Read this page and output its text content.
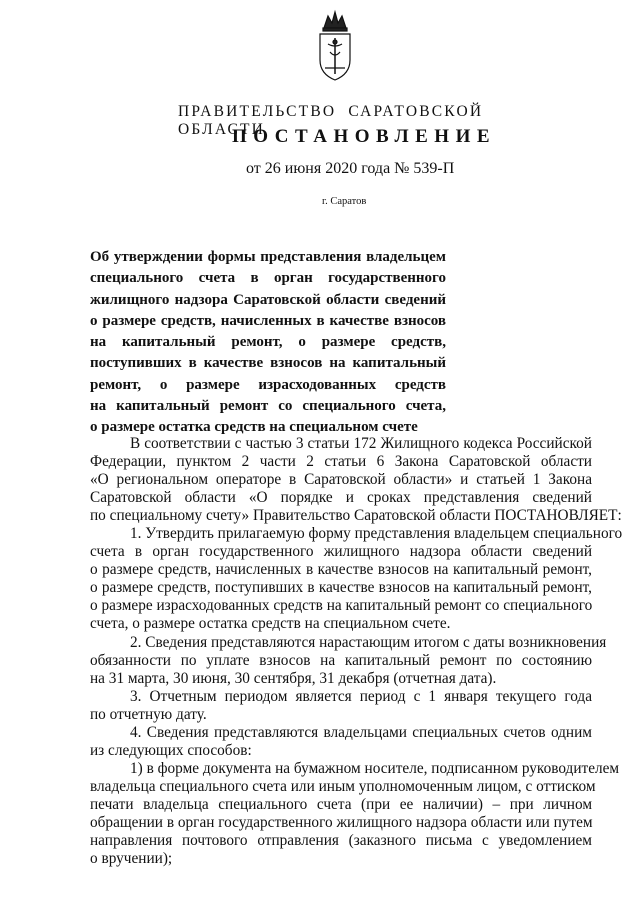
ПРАВИТЕЛЬСТВО САРАТОВСКОЙ ОБЛАСТИ
ПОСТАНОВЛЕНИЕ
от 26 июня 2020 года № 539-П
г. Саратов
Об утверждении формы представления владельцем
специального счета в орган государственного
жилищного надзора Саратовской области сведений
о размере средств, начисленных в качестве взносов
на капитальный ремонт, о размере средств,
поступивших в качестве взносов на капитальный
ремонт, о размере израсходованных средств
на капитальный ремонт со специального счета,
о размере остатка средств на специальном счете
В соответствии с частью 3 статьи 172 Жилищного кодекса Российской
Федерации, пунктом 2 части 2 статьи 6 Закона Саратовской области
«О региональном операторе в Саратовской области» и статьей 1 Закона
Саратовской области «О порядке и сроках представления сведений
по специальному счету» Правительство Саратовской области ПОСТАНОВЛЯЕТ:
1. Утвердить прилагаемую форму представления владельцем специального
счета в орган государственного жилищного надзора области сведений
о размере средств, начисленных в качестве взносов на капитальный ремонт,
о размере средств, поступивших в качестве взносов на капитальный ремонт,
о размере израсходованных средств на капитальный ремонт со специального
счета, о размере остатка средств на специальном счете.
2. Сведения представляются нарастающим итогом с даты возникновения
обязанности по уплате взносов на капитальный ремонт по состоянию
на 31 марта, 30 июня, 30 сентября, 31 декабря (отчетная дата).
3. Отчетным периодом является период с 1 января текущего года
по отчетную дату.
4. Сведения представляются владельцами специальных счетов одним
из следующих способов:
1) в форме документа на бумажном носителе, подписанном руководителем
владельца специального счета или иным уполномоченным лицом, с оттиском
печати владельца специального счета (при ее наличии) – при личном
обращении в орган государственного жилищного надзора области или путем
направления почтового отправления (заказного письма с уведомлением
о вручении);
